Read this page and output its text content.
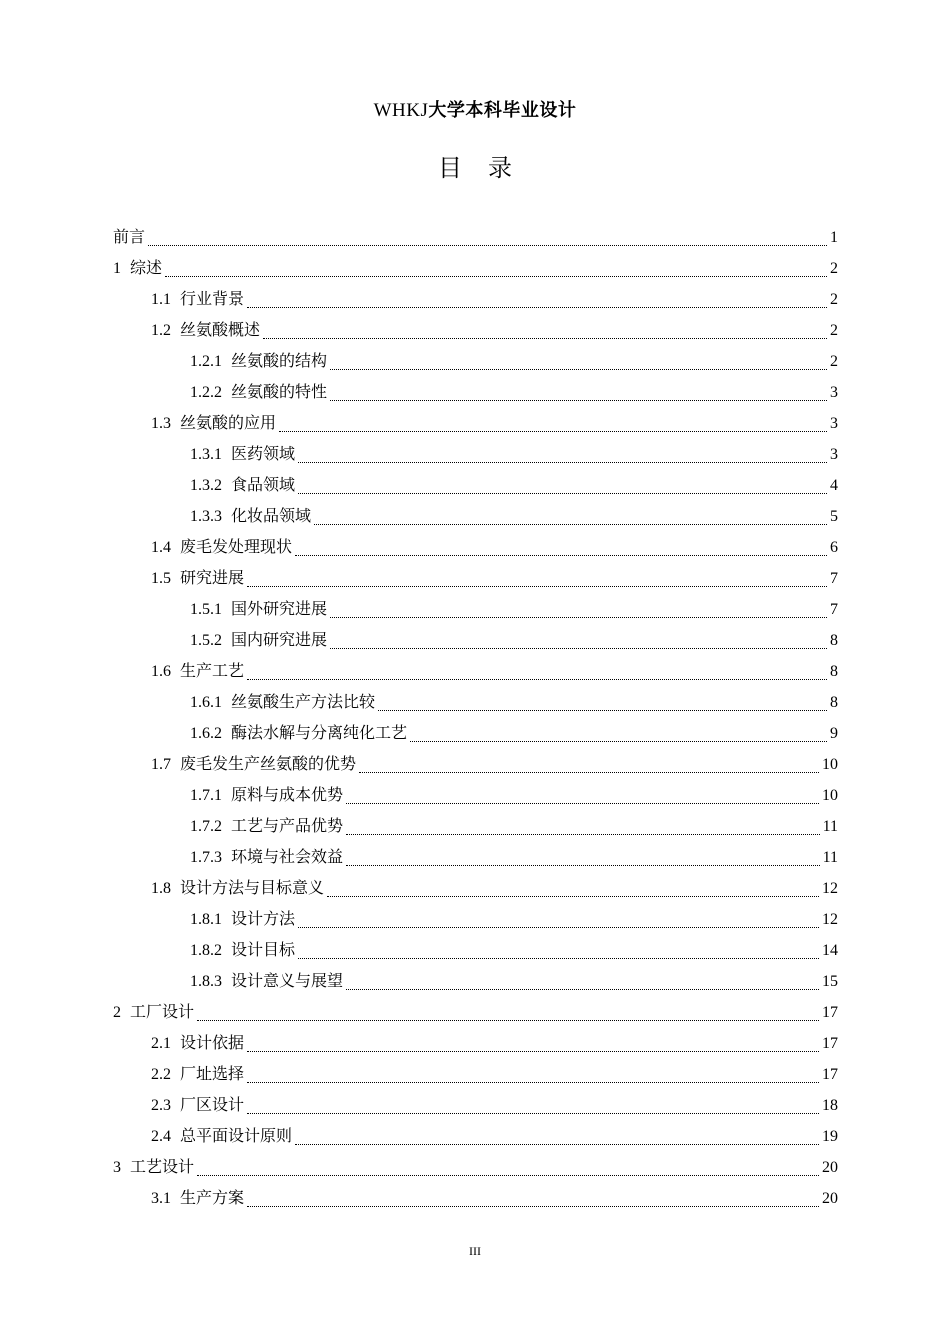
WHKJ大学本科毕业设计
目录
前言	1
1 综述	2
1.1 行业背景	2
1.2 丝氨酸概述	2
1.2.1 丝氨酸的结构	2
1.2.2 丝氨酸的特性	3
1.3 丝氨酸的应用	3
1.3.1 医药领域	3
1.3.2 食品领域	4
1.3.3 化妆品领域	5
1.4 废毛发处理现状	6
1.5 研究进展	7
1.5.1 国外研究进展	7
1.5.2 国内研究进展	8
1.6 生产工艺	8
1.6.1 丝氨酸生产方法比较	8
1.6.2 酶法水解与分离纯化工艺	9
1.7 废毛发生产丝氨酸的优势	10
1.7.1 原料与成本优势	10
1.7.2 工艺与产品优势	11
1.7.3 环境与社会效益	11
1.8 设计方法与目标意义	12
1.8.1 设计方法	12
1.8.2 设计目标	14
1.8.3 设计意义与展望	15
2 工厂设计	17
2.1 设计依据	17
2.2 厂址选择	17
2.3 厂区设计	18
2.4 总平面设计原则	19
3 工艺设计	20
3.1 生产方案	20
III
